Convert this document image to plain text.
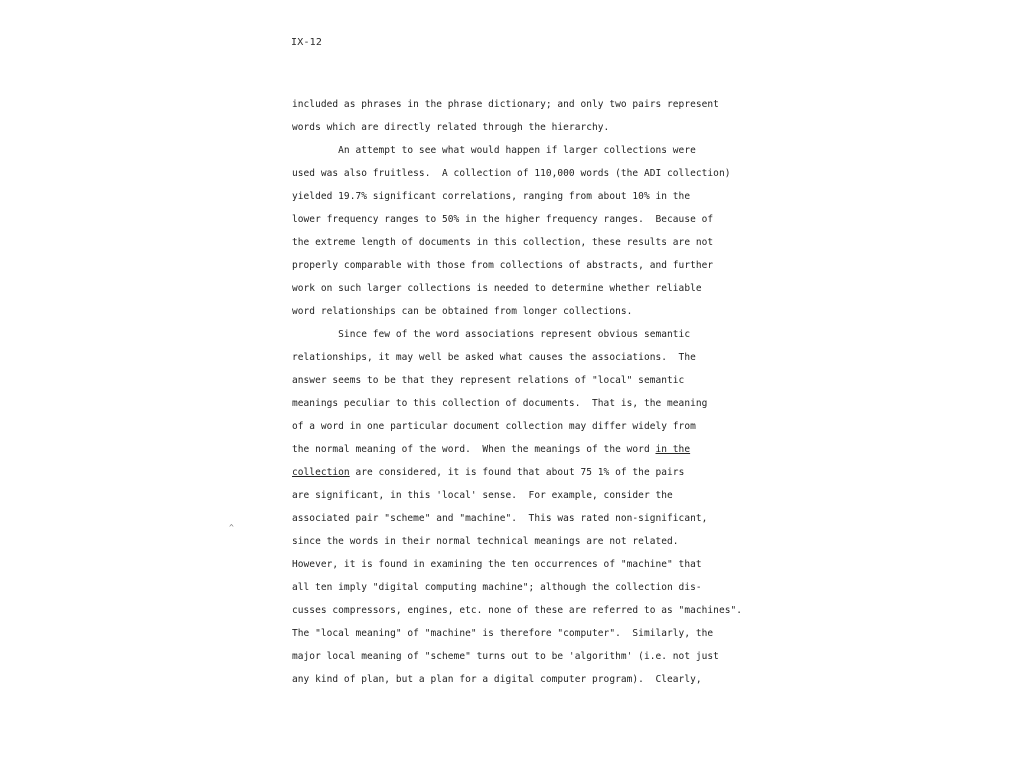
IX-12
^
included as phrases in the phrase dictionary; and only two pairs represent
words which are directly related through the hierarchy.
An attempt to see what would happen if larger collections were
used was also fruitless.  A collection of 110,000 words (the ADI collection)
yielded 19.7% significant correlations, ranging from about 10% in the
lower frequency ranges to 50% in the higher frequency ranges.  Because of
the extreme length of documents in this collection, these results are not
properly comparable with those from collections of abstracts, and further
work on such larger collections is needed to determine whether reliable
word relationships can be obtained from longer collections.
Since few of the word associations represent obvious semantic
relationships, it may well be asked what causes the associations.  The
answer seems to be that they represent relations of "local" semantic
meanings peculiar to this collection of documents.  That is, the meaning
of a word in one particular document collection may differ widely from
the normal meaning of the word.  When the meanings of the word in the
collection are considered, it is found that about 75 1% of the pairs
are significant, in this 'local' sense.  For example, consider the
associated pair "scheme" and "machine".  This was rated non-significant,
since the words in their normal technical meanings are not related.
However, it is found in examining the ten occurrences of "machine" that
all ten imply "digital computing machine"; although the collection dis-
cusses compressors, engines, etc. none of these are referred to as "machines".
The "local meaning" of "machine" is therefore "computer".  Similarly, the
major local meaning of "scheme" turns out to be 'algorithm' (i.e. not just
any kind of plan, but a plan for a digital computer program).  Clearly,
